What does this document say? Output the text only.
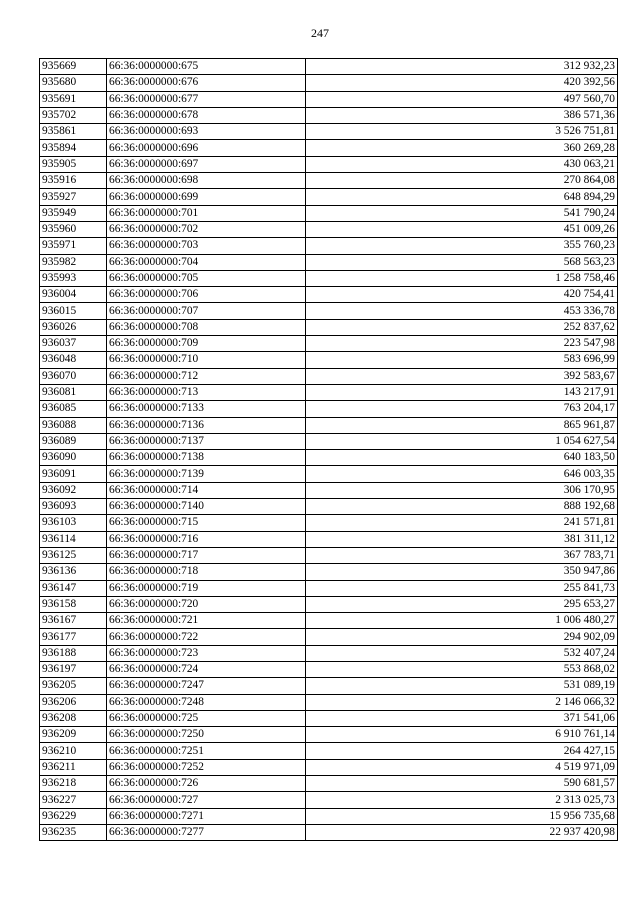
247
935669	66:36:0000000:675	312 932,23
935680	66:36:0000000:676	420 392,56
935691	66:36:0000000:677	497 560,70
935702	66:36:0000000:678	386 571,36
935861	66:36:0000000:693	3 526 751,81
935894	66:36:0000000:696	360 269,28
935905	66:36:0000000:697	430 063,21
935916	66:36:0000000:698	270 864,08
935927	66:36:0000000:699	648 894,29
935949	66:36:0000000:701	541 790,24
935960	66:36:0000000:702	451 009,26
935971	66:36:0000000:703	355 760,23
935982	66:36:0000000:704	568 563,23
935993	66:36:0000000:705	1 258 758,46
936004	66:36:0000000:706	420 754,41
936015	66:36:0000000:707	453 336,78
936026	66:36:0000000:708	252 837,62
936037	66:36:0000000:709	223 547,98
936048	66:36:0000000:710	583 696,99
936070	66:36:0000000:712	392 583,67
936081	66:36:0000000:713	143 217,91
936085	66:36:0000000:7133	763 204,17
936088	66:36:0000000:7136	865 961,87
936089	66:36:0000000:7137	1 054 627,54
936090	66:36:0000000:7138	640 183,50
936091	66:36:0000000:7139	646 003,35
936092	66:36:0000000:714	306 170,95
936093	66:36:0000000:7140	888 192,68
936103	66:36:0000000:715	241 571,81
936114	66:36:0000000:716	381 311,12
936125	66:36:0000000:717	367 783,71
936136	66:36:0000000:718	350 947,86
936147	66:36:0000000:719	255 841,73
936158	66:36:0000000:720	295 653,27
936167	66:36:0000000:721	1 006 480,27
936177	66:36:0000000:722	294 902,09
936188	66:36:0000000:723	532 407,24
936197	66:36:0000000:724	553 868,02
936205	66:36:0000000:7247	531 089,19
936206	66:36:0000000:7248	2 146 066,32
936208	66:36:0000000:725	371 541,06
936209	66:36:0000000:7250	6 910 761,14
936210	66:36:0000000:7251	264 427,15
936211	66:36:0000000:7252	4 519 971,09
936218	66:36:0000000:726	590 681,57
936227	66:36:0000000:727	2 313 025,73
936229	66:36:0000000:7271	15 956 735,68
936235	66:36:0000000:7277	22 937 420,98
